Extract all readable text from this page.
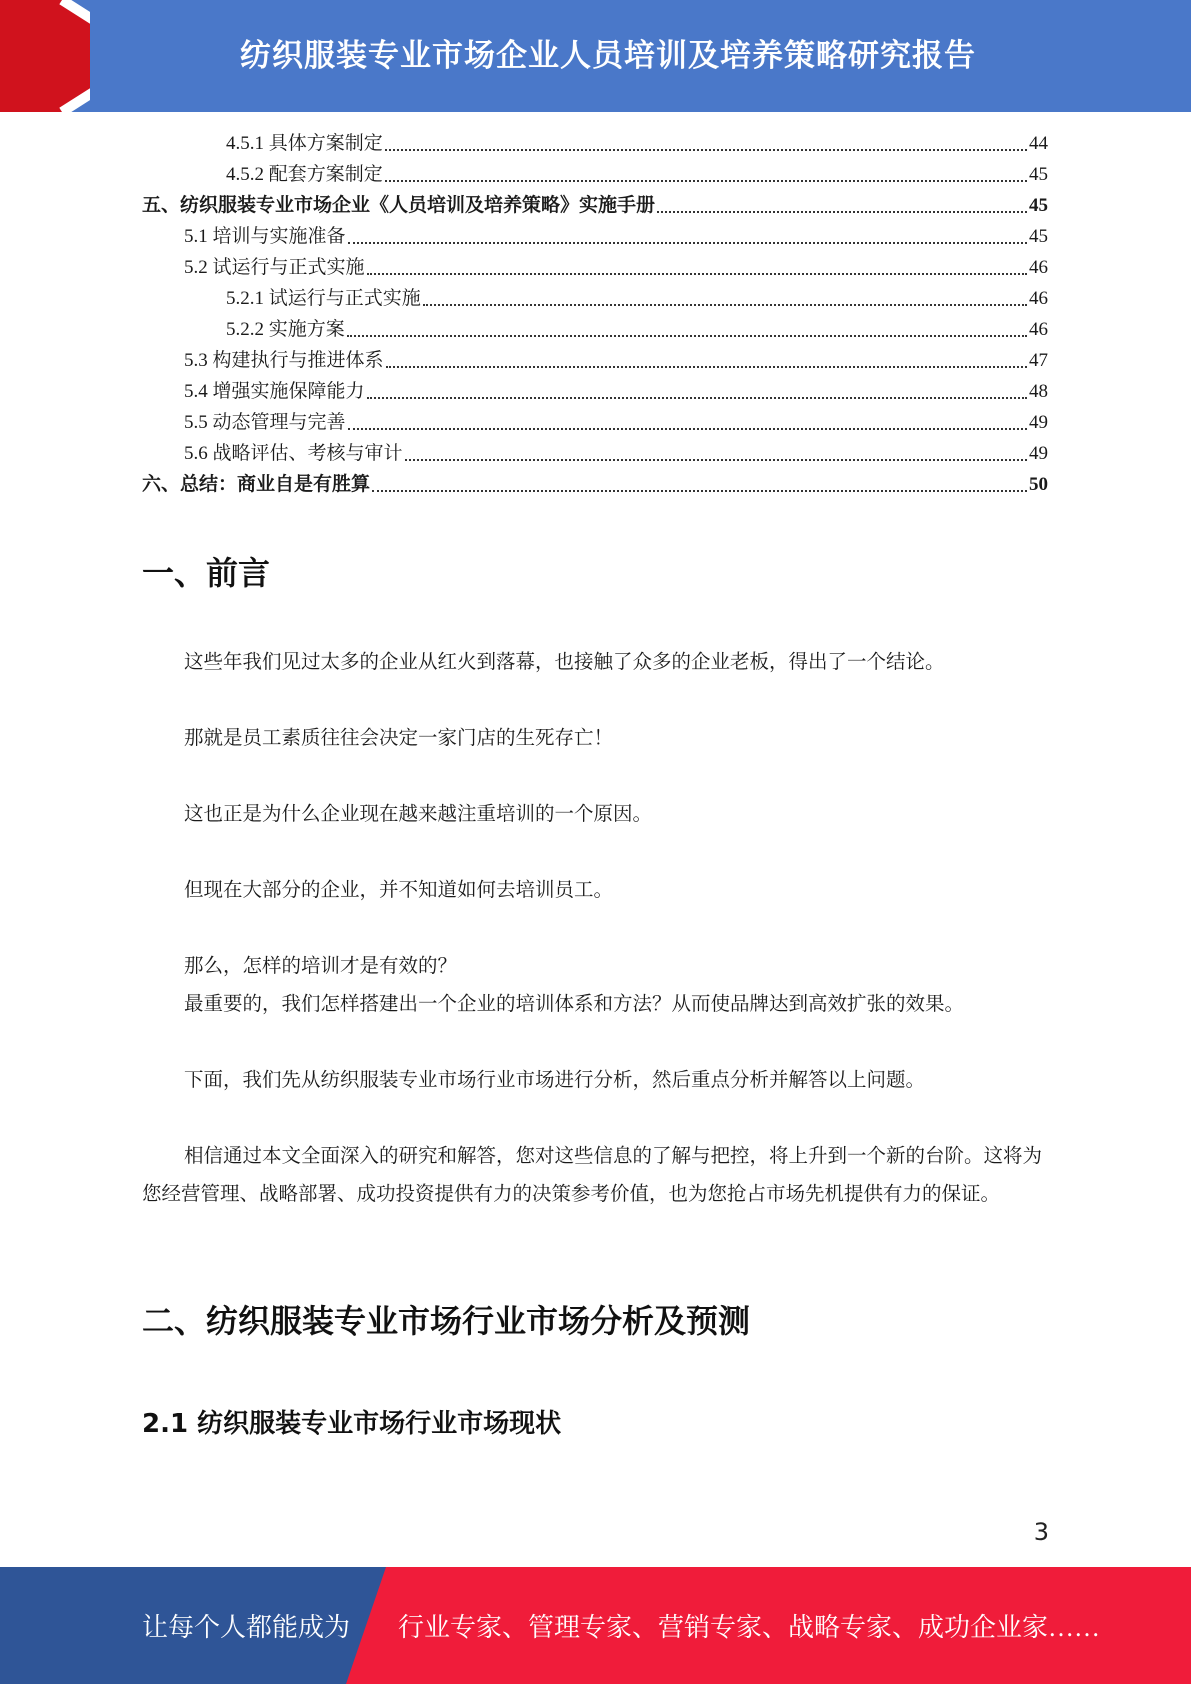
纺织服装专业市场企业人员培训及培养策略研究报告
4.5.1 具体方案制定	44
4.5.2 配套方案制定	45
五、纺织服装专业市场企业《人员培训及培养策略》实施手册	45
5.1 培训与实施准备	45
5.2 试运行与正式实施	46
5.2.1 试运行与正式实施	46
5.2.2 实施方案	46
5.3 构建执行与推进体系	47
5.4 增强实施保障能力	48
5.5 动态管理与完善	49
5.6 战略评估、考核与审计	49
六、总结：商业自是有胜算	50
一、前言
这些年我们见过太多的企业从红火到落幕，也接触了众多的企业老板，得出了一个结论。
那就是员工素质往往会决定一家门店的生死存亡！
这也正是为什么企业现在越来越注重培训的一个原因。
但现在大部分的企业，并不知道如何去培训员工。
那么，怎样的培训才是有效的？
最重要的，我们怎样搭建出一个企业的培训体系和方法？从而使品牌达到高效扩张的效果。
下面，我们先从纺织服装专业市场行业市场进行分析，然后重点分析并解答以上问题。
相信通过本文全面深入的研究和解答，您对这些信息的了解与把控，将上升到一个新的台阶。这将为您经营管理、战略部署、成功投资提供有力的决策参考价值，也为您抢占市场先机提供有力的保证。
二、纺织服装专业市场行业市场分析及预测
2.1 纺织服装专业市场行业市场现状
3
让每个人都能成为 行业专家、管理专家、营销专家、战略专家、成功企业家……
